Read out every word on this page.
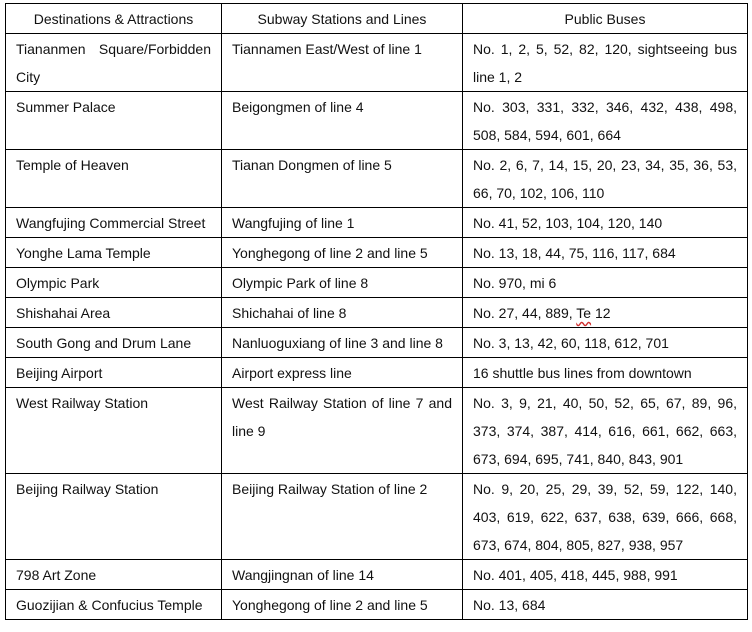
Destinations & Attractions	Subway Stations and Lines	Public Buses
Tiananmen Square/Forbidden City	Tiannamen East/West of line 1	No. 1, 2, 5, 52, 82, 120, sightseeing bus line 1, 2
Summer Palace	Beigongmen of line 4	No. 303, 331, 332, 346, 432, 438, 498, 508, 584, 594, 601, 664
Temple of Heaven	Tianan Dongmen of line 5	No. 2, 6, 7, 14, 15, 20, 23, 34, 35, 36, 53, 66, 70, 102, 106, 110
Wangfujing Commercial Street	Wangfujing of line 1	No. 41, 52, 103, 104, 120, 140
Yonghe Lama Temple	Yonghegong of line 2 and line 5	No. 13, 18, 44, 75, 116, 117, 684
Olympic Park	Olympic Park of line 8	No. 970, mi 6
Shishahai Area	Shichahai of line 8	No. 27, 44, 889, Te 12
South Gong and Drum Lane	Nanluoguxiang of line 3 and line 8	No. 3, 13, 42, 60, 118, 612, 701
Beijing Airport	Airport express line	16 shuttle bus lines from downtown
West Railway Station	West Railway Station of line 7 and line 9	No. 3, 9, 21, 40, 50, 52, 65, 67, 89, 96, 373, 374, 387, 414, 616, 661, 662, 663, 673, 694, 695, 741, 840, 843, 901
Beijing Railway Station	Beijing Railway Station of line 2	No. 9, 20, 25, 29, 39, 52, 59, 122, 140, 403, 619, 622, 637, 638, 639, 666, 668, 673, 674, 804, 805, 827, 938, 957
798 Art Zone	Wangjingnan of line 14	No. 401, 405, 418, 445, 988, 991
Guozijian & Confucius Temple	Yonghegong of line 2 and line 5	No. 13, 684
